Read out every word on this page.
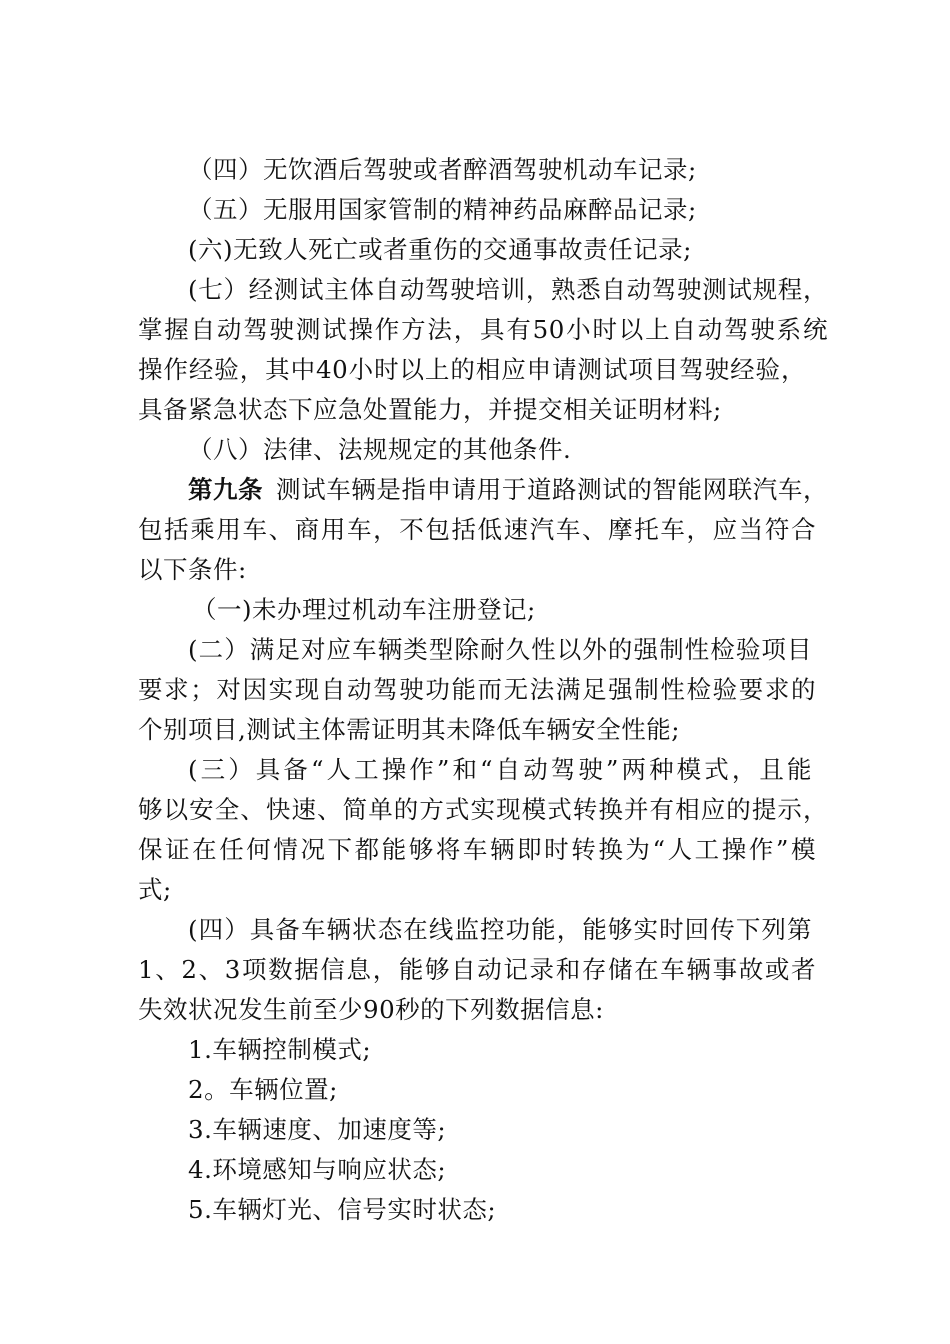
（四）无饮酒后驾驶或者醉酒驾驶机动车记录;
（五）无服用国家管制的精神药品麻醉品记录;
(六)无致人死亡或者重伤的交通事故责任记录;
(七）经测试主体自动驾驶培训，熟悉自动驾驶测试规程，
掌握自动驾驶测试操作方法，具有50小时以上自动驾驶系统
操作经验，其中40小时以上的相应申请测试项目驾驶经验，
具备紧急状态下应急处置能力，并提交相关证明材料;
（八）法律、法规规定的其他条件.
第九条 测试车辆是指申请用于道路测试的智能网联汽车，
包括乘用车、商用车，不包括低速汽车、摩托车，应当符合
以下条件:
（一)未办理过机动车注册登记;
(二）满足对应车辆类型除耐久性以外的强制性检验项目
要求；对因实现自动驾驶功能而无法满足强制性检验要求的
个别项目,测试主体需证明其未降低车辆安全性能;
(三）具备“人工操作”和“自动驾驶”两种模式，且能
够以安全、快速、简单的方式实现模式转换并有相应的提示，
保证在任何情况下都能够将车辆即时转换为“人工操作”模
式;
(四）具备车辆状态在线监控功能，能够实时回传下列第
1、2、3项数据信息，能够自动记录和存储在车辆事故或者
失效状况发生前至少90秒的下列数据信息:
1.车辆控制模式;
2。车辆位置;
3.车辆速度、加速度等;
4.环境感知与响应状态;
5.车辆灯光、信号实时状态;
